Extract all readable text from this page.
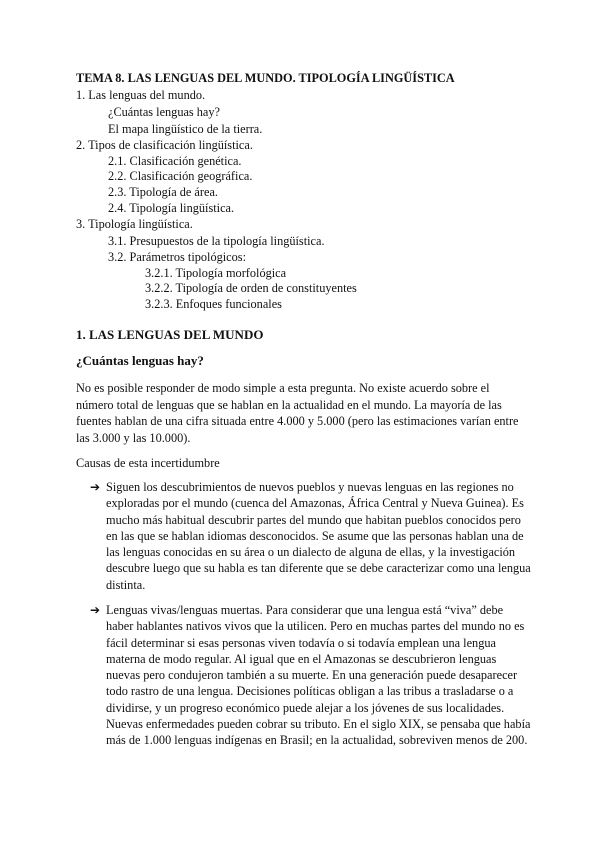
TEMA 8. LAS LENGUAS DEL MUNDO. TIPOLOGÍA LINGÜÍSTICA
1. Las lenguas del mundo.
¿Cuántas lenguas hay?
El mapa lingüístico de la tierra.
2. Tipos de clasificación lingüística.
2.1. Clasificación genética.
2.2. Clasificación geográfica.
2.3. Tipología de área.
2.4. Tipología lingüística.
3. Tipología lingüística.
3.1. Presupuestos de la tipología lingüística.
3.2. Parámetros tipológicos:
3.2.1. Tipología morfológica
3.2.2. Tipología de orden de constituyentes
3.2.3. Enfoques funcionales
1. LAS LENGUAS DEL MUNDO
¿Cuántas lenguas hay?
No es posible responder de modo simple a esta pregunta. No existe acuerdo sobre el número total de lenguas que se hablan en la actualidad en el mundo. La mayoría de las fuentes hablan de una cifra situada entre 4.000 y 5.000 (pero las estimaciones varían entre las 3.000 y las 10.000).
Causas de esta incertidumbre
➔ Siguen los descubrimientos de nuevos pueblos y nuevas lenguas en las regiones no exploradas por el mundo (cuenca del Amazonas, África Central y Nueva Guinea). Es mucho más habitual descubrir partes del mundo que habitan pueblos conocidos pero en las que se hablan idiomas desconocidos. Se asume que las personas hablan una de las lenguas conocidas en su área o un dialecto de alguna de ellas, y la investigación descubre luego que su habla es tan diferente que se debe caracterizar como una lengua distinta.
➔ Lenguas vivas/lenguas muertas. Para considerar que una lengua está “viva” debe haber hablantes nativos vivos que la utilicen. Pero en muchas partes del mundo no es fácil determinar si esas personas viven todavía o si todavía emplean una lengua materna de modo regular. Al igual que en el Amazonas se descubrieron lenguas nuevas pero condujeron también a su muerte. En una generación puede desaparecer todo rastro de una lengua. Decisiones políticas obligan a las tribus a trasladarse o a dividirse, y un progreso económico puede alejar a los jóvenes de sus localidades. Nuevas enfermedades pueden cobrar su tributo. En el siglo XIX, se pensaba que había más de 1.000 lenguas indígenas en Brasil; en la actualidad, sobreviven menos de 200.
